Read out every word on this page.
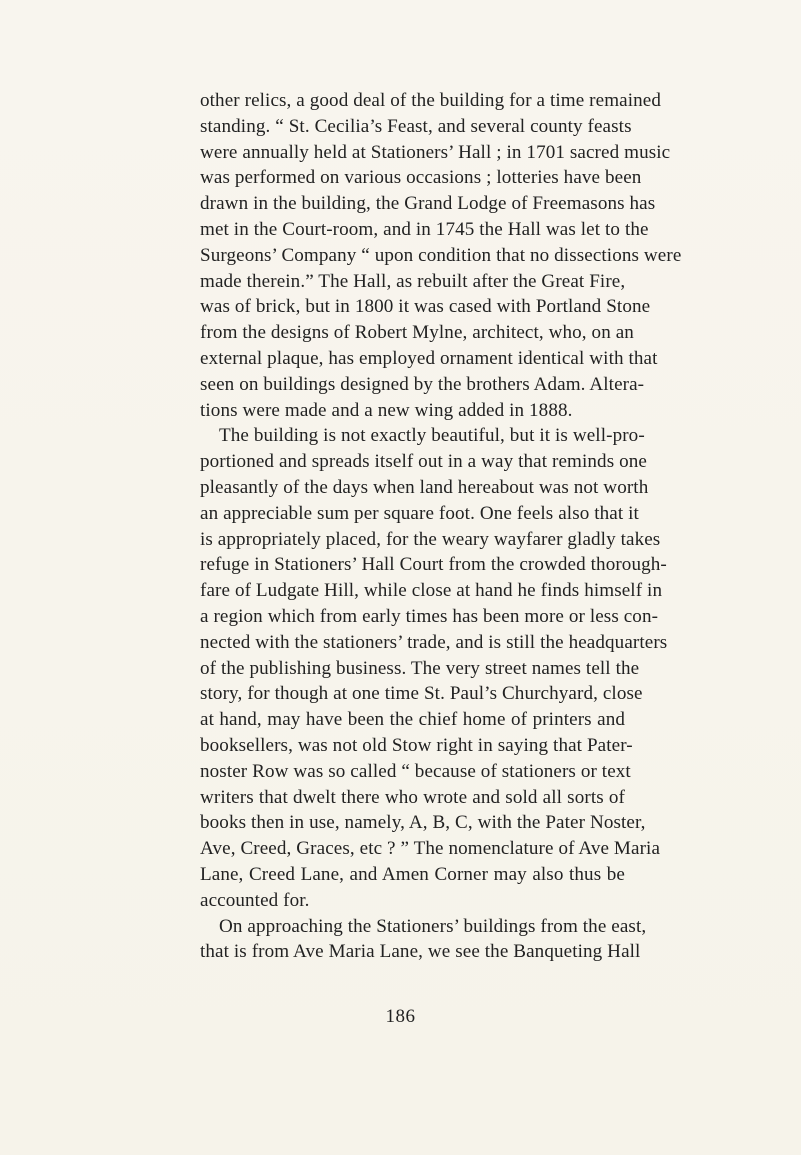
other relics, a good deal of the building for a time remained
standing. “ St. Cecilia’s Feast, and several county feasts
were annually held at Stationers’ Hall ; in 1701 sacred music
was performed on various occasions ; lotteries have been
drawn in the building, the Grand Lodge of Freemasons has
met in the Court-room, and in 1745 the Hall was let to the
Surgeons’ Company “ upon condition that no dissections were
made therein.” The Hall, as rebuilt after the Great Fire,
was of brick, but in 1800 it was cased with Portland Stone
from the designs of Robert Mylne, architect, who, on an
external plaque, has employed ornament identical with that
seen on buildings designed by the brothers Adam. Altera-
tions were made and a new wing added in 1888.
The building is not exactly beautiful, but it is well-pro-
portioned and spreads itself out in a way that reminds one
pleasantly of the days when land hereabout was not worth
an appreciable sum per square foot. One feels also that it
is appropriately placed, for the weary wayfarer gladly takes
refuge in Stationers’ Hall Court from the crowded thorough-
fare of Ludgate Hill, while close at hand he finds himself in
a region which from early times has been more or less con-
nected with the stationers’ trade, and is still the headquarters
of the publishing business. The very street names tell the
story, for though at one time St. Paul’s Churchyard, close
at hand, may have been the chief home of printers and
booksellers, was not old Stow right in saying that Pater-
noster Row was so called “ because of stationers or text
writers that dwelt there who wrote and sold all sorts of
books then in use, namely, A, B, C, with the Pater Noster,
Ave, Creed, Graces, etc ? ” The nomenclature of Ave Maria
Lane, Creed Lane, and Amen Corner may also thus be
accounted for.
On approaching the Stationers’ buildings from the east,
that is from Ave Maria Lane, we see the Banqueting Hall
186
